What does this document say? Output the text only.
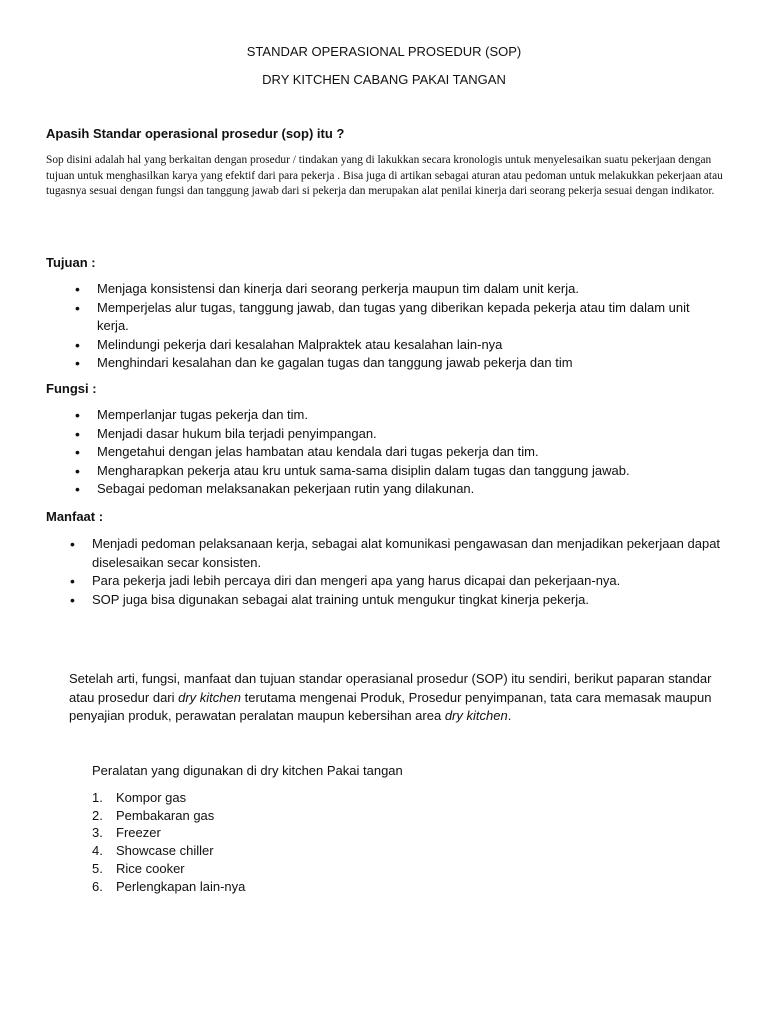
STANDAR OPERASIONAL PROSEDUR (SOP)
DRY KITCHEN CABANG PAKAI TANGAN
Apasih Standar operasional prosedur (sop) itu ?

Sop disini adalah hal yang berkaitan dengan prosedur / tindakan yang di lakukkan secara kronologis untuk menyelesaikan suatu pekerjaan dengan tujuan untuk menghasilkan karya yang efektif dari para pekerja . Bisa juga di artikan sebagai aturan atau pedoman untuk melakukkan pekerjaan atau tugasnya sesuai dengan fungsi dan tanggung jawab dari si pekerja dan merupakan alat penilai kinerja dari seorang pekerja sesuai dengan indikator.

Tujuan :
• Menjaga konsistensi dan kinerja dari seorang perkerja maupun tim dalam unit kerja.
• Memperjelas alur tugas, tanggung jawab, dan tugas yang diberikan kepada pekerja atau tim dalam unit kerja.
• Melindungi pekerja dari kesalahan Malpraktek atau kesalahan lain-nya
• Menghindari kesalahan dan ke gagalan tugas dan tanggung jawab pekerja dan tim
Fungsi :
• Memperlanjar tugas pekerja dan tim.
• Menjadi dasar hukum bila terjadi penyimpangan.
• Mengetahui dengan jelas hambatan atau kendala dari tugas pekerja dan tim.
• Mengharapkan pekerja atau kru untuk sama-sama disiplin dalam tugas dan tanggung jawab.
• Sebagai pedoman melaksanakan pekerjaan rutin yang dilakunan.
Manfaat :
• Menjadi pedoman pelaksanaan kerja, sebagai alat komunikasi pengawasan dan menjadikan pekerjaan dapat diselesaikan secar konsisten.
• Para pekerja jadi lebih percaya diri dan mengeri apa yang harus dicapai dan pekerjaan-nya.
• SOP juga bisa digunakan sebagai alat training untuk mengukur tingkat kinerja pekerja.

Setelah arti, fungsi, manfaat dan tujuan standar operasianal prosedur (SOP) itu sendiri, berikut paparan standar atau prosedur dari dry kitchen terutama mengenai Produk, Prosedur penyimpanan, tata cara memasak maupun penyajian produk, perawatan peralatan maupun kebersihan area dry kitchen.

Peralatan yang digunakan di dry kitchen Pakai tangan
1.	Kompor gas
2.	Pembakaran gas
3.	Freezer
4.	Showcase chiller
5.	Rice cooker
6.	Perlengkapan lain-nya
